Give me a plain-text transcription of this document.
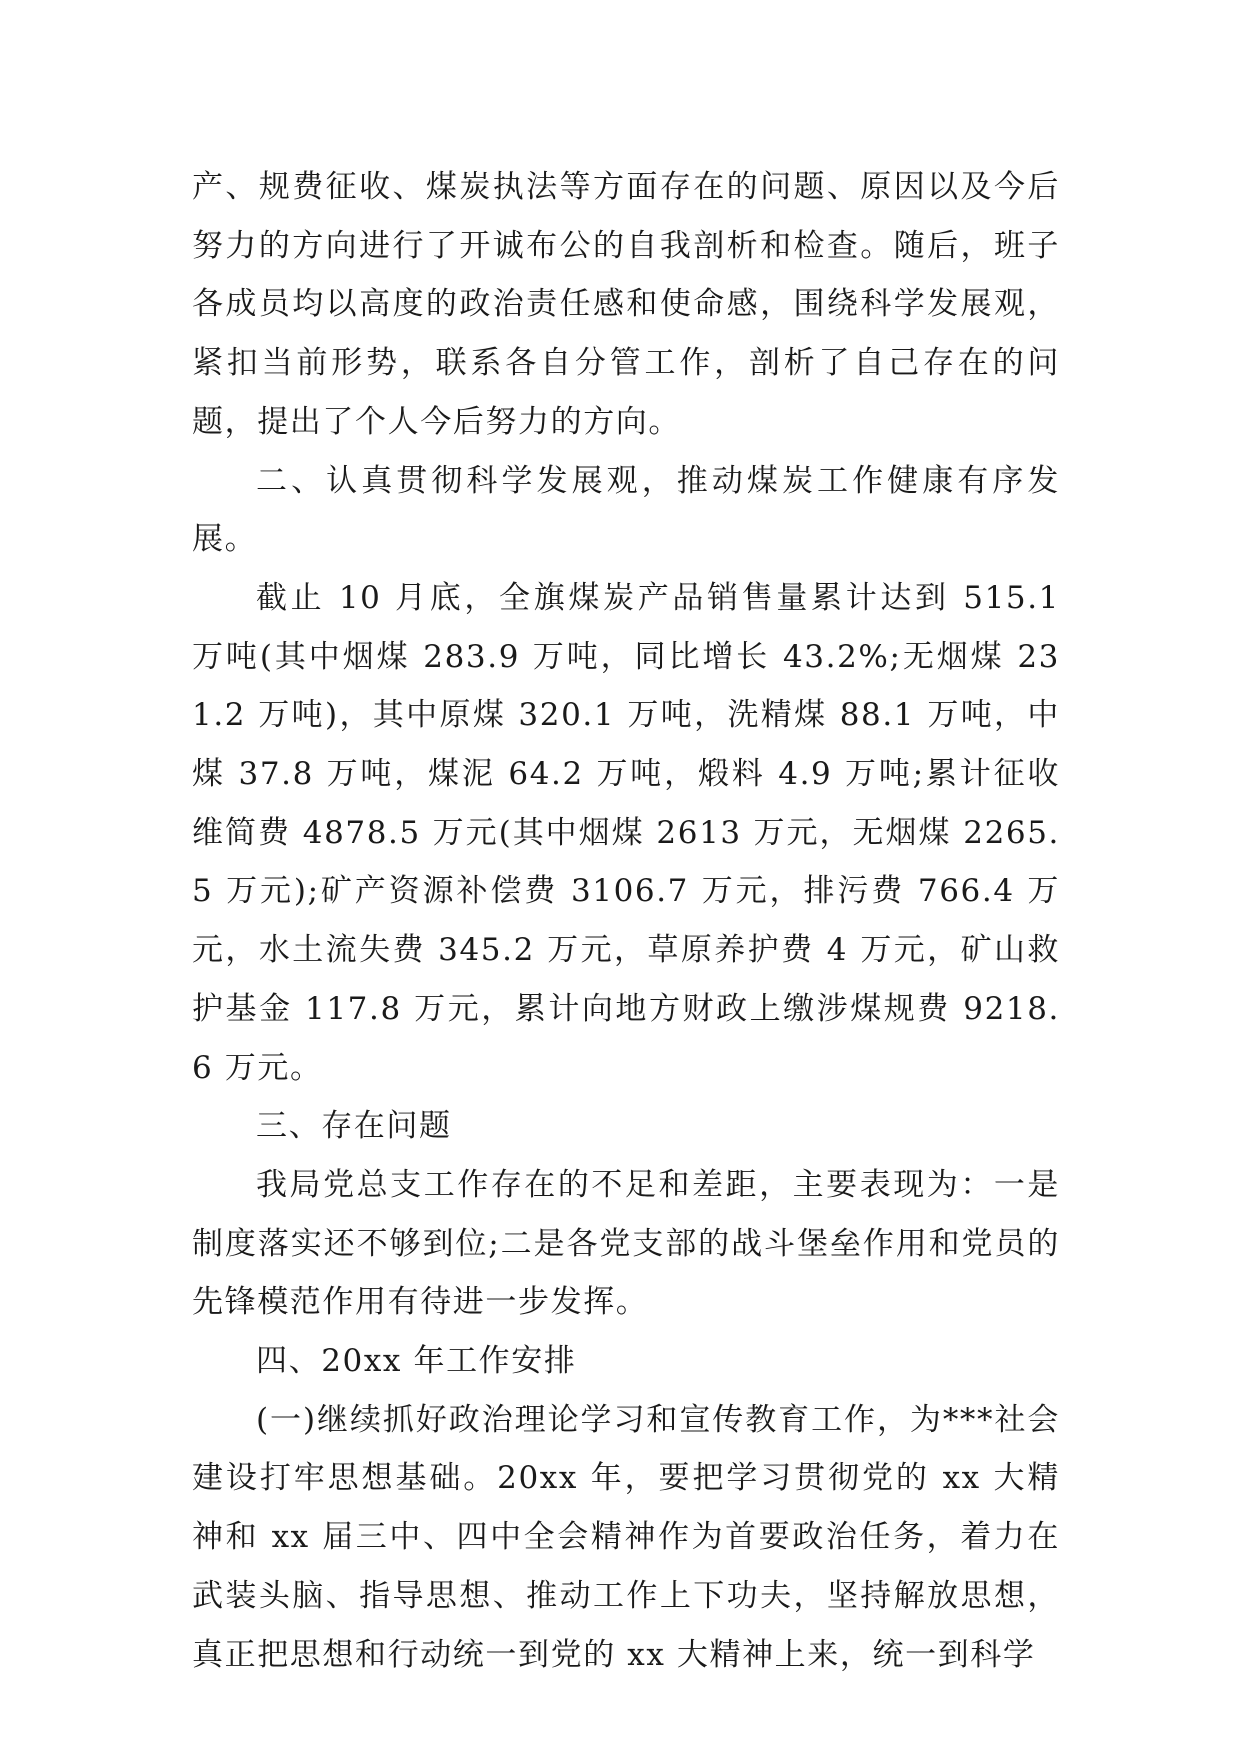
产、规费征收、煤炭执法等方面存在的问题、原因以及今后努力的方向进行了开诚布公的自我剖析和检查。随后，班子各成员均以高度的政治责任感和使命感，围绕科学发展观，紧扣当前形势，联系各自分管工作，剖析了自己存在的问题，提出了个人今后努力的方向。

二、认真贯彻科学发展观，推动煤炭工作健康有序发展。

截止 10 月底，全旗煤炭产品销售量累计达到 515.1 万吨(其中烟煤 283.9 万吨，同比增长 43.2%;无烟煤 231.2 万吨)，其中原煤 320.1 万吨，洗精煤 88.1 万吨，中煤 37.8 万吨，煤泥 64.2 万吨，煅料 4.9 万吨;累计征收维简费 4878.5 万元(其中烟煤 2613 万元，无烟煤 2265.5 万元);矿产资源补偿费 3106.7 万元，排污费 766.4 万元，水土流失费 345.2 万元，草原养护费 4 万元，矿山救护基金 117.8 万元，累计向地方财政上缴涉煤规费 9218.6 万元。

三、存在问题

我局党总支工作存在的不足和差距，主要表现为：一是制度落实还不够到位;二是各党支部的战斗堡垒作用和党员的先锋模范作用有待进一步发挥。

四、20xx 年工作安排

(一)继续抓好政治理论学习和宣传教育工作，为***社会建设打牢思想基础。20xx 年，要把学习贯彻党的 xx 大精神和 xx 届三中、四中全会精神作为首要政治任务，着力在武装头脑、指导思想、推动工作上下功夫，坚持解放思想，真正把思想和行动统一到党的 xx 大精神上来，统一到科学
